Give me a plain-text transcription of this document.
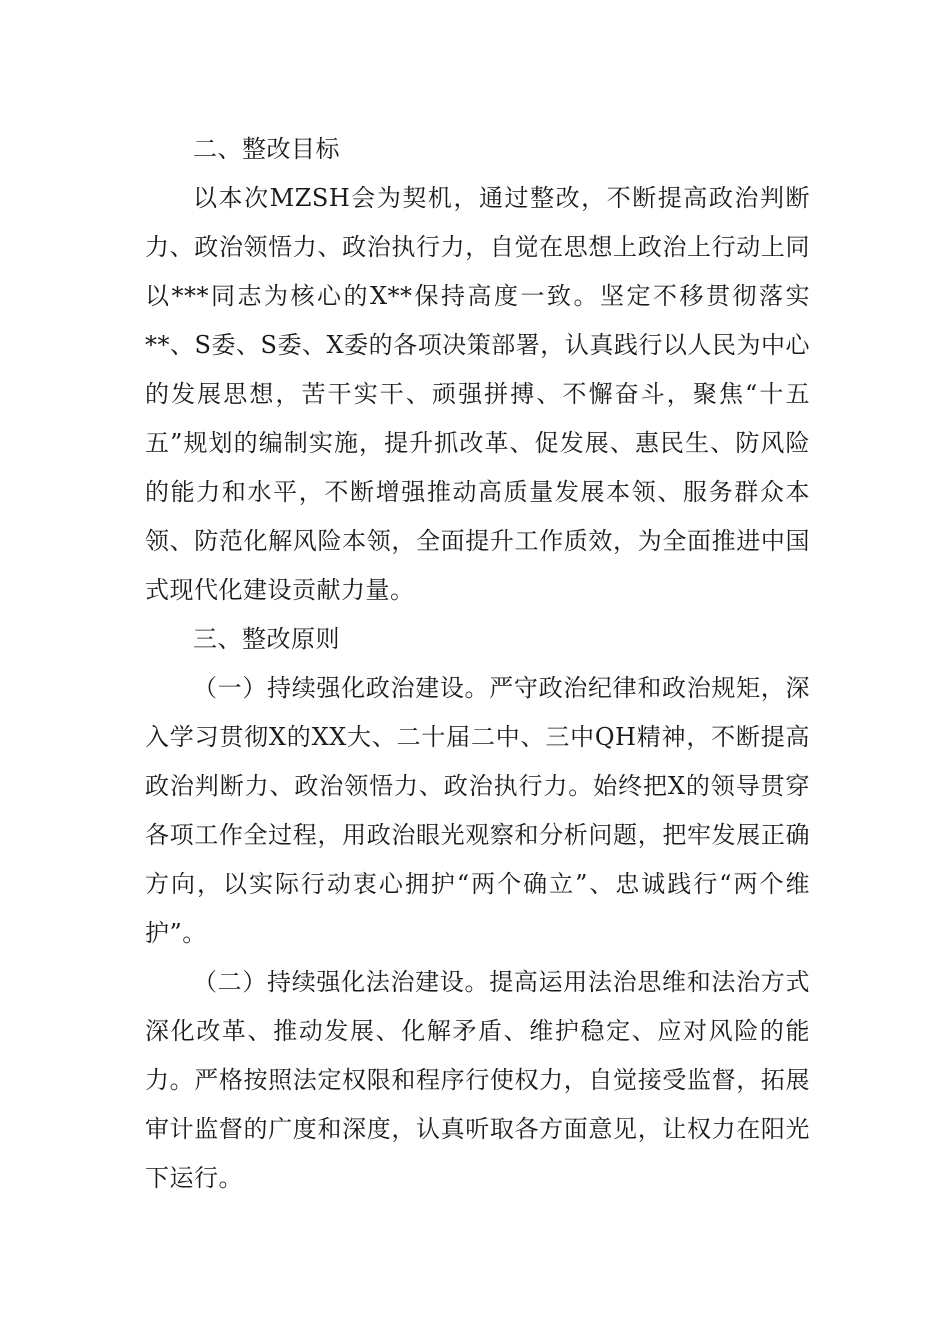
二、整改目标

以本次MZSH会为契机，通过整改，不断提高政治判断力、政治领悟力、政治执行力，自觉在思想上政治上行动上同以***同志为核心的X**保持高度一致。坚定不移贯彻落实**、S委、S委、X委的各项决策部署，认真践行以人民为中心的发展思想，苦干实干、顽强拼搏、不懈奋斗，聚焦“十五五”规划的编制实施，提升抓改革、促发展、惠民生、防风险的能力和水平，不断增强推动高质量发展本领、服务群众本领、防范化解风险本领，全面提升工作质效，为全面推进中国式现代化建设贡献力量。

三、整改原则

（一）持续强化政治建设。严守政治纪律和政治规矩，深入学习贯彻X的XX大、二十届二中、三中QH精神，不断提高政治判断力、政治领悟力、政治执行力。始终把X的领导贯穿各项工作全过程，用政治眼光观察和分析问题，把牢发展正确方向，以实际行动衷心拥护“两个确立”、忠诚践行“两个维护”。

（二）持续强化法治建设。提高运用法治思维和法治方式深化改革、推动发展、化解矛盾、维护稳定、应对风险的能力。严格按照法定权限和程序行使权力，自觉接受监督，拓展审计监督的广度和深度，认真听取各方面意见，让权力在阳光下运行。
